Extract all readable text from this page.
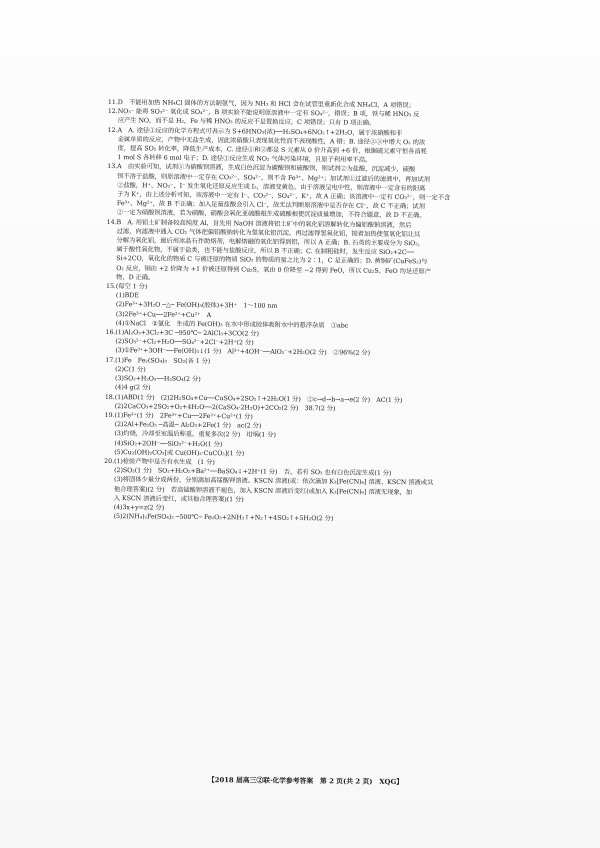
11.D　不能用加热 NH₄Cl 固体的方法制氨气，因为 NH₃ 和 HCl 会在试管里重新化合成 NH₄Cl，A 项错误；
12.NO₃⁻ 能将 SO₃²⁻ 氧化成 SO₄²⁻，B 项实验不能说明原溶液中一定有 SO₄²⁻，错误；B 项，铁与稀 HNO₃ 反
应产生 NO，而不是 H₂，Fe 与稀 HNO₃ 的反应不是置换反应，C 项错误；只有 D 项正确。
12.A　A. 途径①反应的化学方程式可表示为 S+6HNO₃(浓)──H₂SO₄+6NO₂↑+2H₂O，属于浓硝酸和非
金属单质的反应，产物中无盐生成，因此浓硝酸只表现氧化性而不表现酸性，A 错；B. 途径②③中增大 O₂ 的浓
度，提高 SO₂ 转化率，降低生产成本，C. 途径①和②都是 S 元素从 0 价升高到 +6 价，根据硫元素守恒各消耗
1 mol S 各转移 6 mol 电子；D. 途径①反应生成 NO₂ 气体污染环境，且原子利用率不高。
13.A　由实验可知，试剂①为硝酸钡溶液，生成白色沉淀为碳酸钡和硫酸钡，则试剂②为盐酸，沉淀减少，硫酸
钡不溶于盐酸，则原溶液中一定存在 CO₃²⁻、SO₄²⁻，则不含 Fe³⁺、Mg²⁺；加试剂①过滤后的滤液中，再加试剂
②盐酸，H⁺、NO₃⁻、I⁻ 发生氧化还原反应生成 I₂，溶液变黄色，由于溶液呈电中性，则溶液中一定含有的阳离
子为 K⁺，由上述分析可知，该溶液中一定有 I⁻、CO₃²⁻、SO₄²⁻、K⁺，故 A 正确；该溶液中一定有 CO₃²⁻，则一定不含
Fe³⁺、Mg²⁺，故 B 不正确；加入足量盐酸会引入 Cl⁻，故无法判断原溶液中是否存在 Cl⁻，故 C 不正确；试剂
②一定为硝酸钡溶液，若为硝酸，硝酸会氧化亚硫酸根生成硫酸根使沉淀质量增加，不符合题意，故 D 不正确。
14.B　A. 用铝土矿制备较高纯度 Al，首先用 NaOH 溶液将铝土矿中的氧化铝溶解转化为偏铝酸钠溶液，然后
过滤，向滤液中通入 CO₂ 气体把偏铝酸钠转化为氢氧化铝沉淀，再过滤得氢氧化铝，接着加热使氢氧化铝让其
分解为氧化铝，最后用冰晶石作助熔剂，电解熔融的氧化铝得到铝，所以 A 正确；B. 石英的主要成分为 SiO₂，
属于酸性氧化物，不属于盐类，也不能与盐酸反应，所以 B 不正确；C. 在制粗硅时，发生反应 SiO₂+2C──
Si+2CO，氧化化的物质 C 与被还原的物质 SiO₂ 的物质的量之比为 2∶1，C 是正确的；D. 黄铜矿(CuFeS₂)与
O₂ 反应，铜由 +2 价降为 +1 价被还原得到 Cu₂S，氧由 0 价降至 −2 得到 FeO，所以 Cu₂S、FeO 均是还原产
物，D 正确。
15.(每空 1 分)
(1)BDE
(2)Fe³⁺+3H₂O ─△─ Fe(OH)₃(胶体)+3H⁺　1～100 nm
(3)2Fe³⁺+Cu──2Fe²⁺+Cu²⁺　A
(4)①NaCl　②氯化　生成的 Fe(OH)₃ 在水中形成胶体吸附水中的悬浮杂质　③abc
16.(1)Al₂O₃+3Cl₂+3C ─950℃─ 2AlCl₃+3CO(2 分)
(2)SO₃²⁻+Cl₂+H₂O──SO₄²⁻+2Cl⁻+2H⁺(2 分)
(3)①Fe³⁺+3OH⁻──Fe(OH)₃↓(1 分)　Al³⁺+4OH⁻──AlO₂⁻+2H₂O(2 分)　②96%(2 分)
17.(1)Fe　Fe₂(SO₄)₃　SO₂(各 1 分)
(2)C(1 分)
(3)SO₂+H₂O₂──H₂SO₄(2 分)
(4)4 g(2 分)
18.(1)ABD(1 分)　(2)2H₂SO₄+Cu──CuSO₄+2SO₂↑+2H₂O(1 分)　②c→d→b→a→e(2 分)　AC(1 分)
(2)2CaCO₃+2SO₂+O₂+4H₂O──2(CaSO₄·2H₂O)+2CO₂(2 分)　38.7(2 分)
19.(1)Fe³⁺(1 分)　2Fe³⁺+Cu──2Fe²⁺+Cu²⁺(1 分)
(2)2Al+Fe₂O₃ ─高温─ Al₂O₃+2Fe(1 分)　ac(2 分)
(3)灼烧，冷却至室温后称重，重复多次(2 分)　坩埚(1 分)
(4)SiO₂+2OH⁻──SiO₃²⁻+H₂O(1 分)
(5)Cu₂(OH)₂CO₃[或 Cu(OH)₂·CuCO₃](1 分)
20.(1)检验产物中是否有水生成　(1 分)
(2)SO₂(1 分)　SO₂+H₂O₂+Ba²⁺──BaSO₄↓+2H⁺(1 分)　否，若有 SO₃ 也有白色沉淀生成(1 分)
(3)将固体少量分成两份，分别滴加高锰酸钾溶液、KSCN 溶液(或：依次滴加 K₃[Fe(CN)₆] 溶液、KSCN 溶液或其
他合理答案)(2 分)　若高锰酸钾溶液不褪色，加入 KSCN 溶液后变红(或加入 K₃[Fe(CN)₆] 溶液无现象，加
入 KSCN 溶液后变红，或其他合理答案)(1 分)
(4)3x+y=z(2 分)
(5)2(NH₄)₂Fe(SO₄)₂ ─500℃─ Fe₂O₃+2NH₃↑+N₂↑+4SO₂↑+5H₂O(2 分)
【2018 届高三②联·化学参考答案　第 2 页(共 2 页)　XQG】
